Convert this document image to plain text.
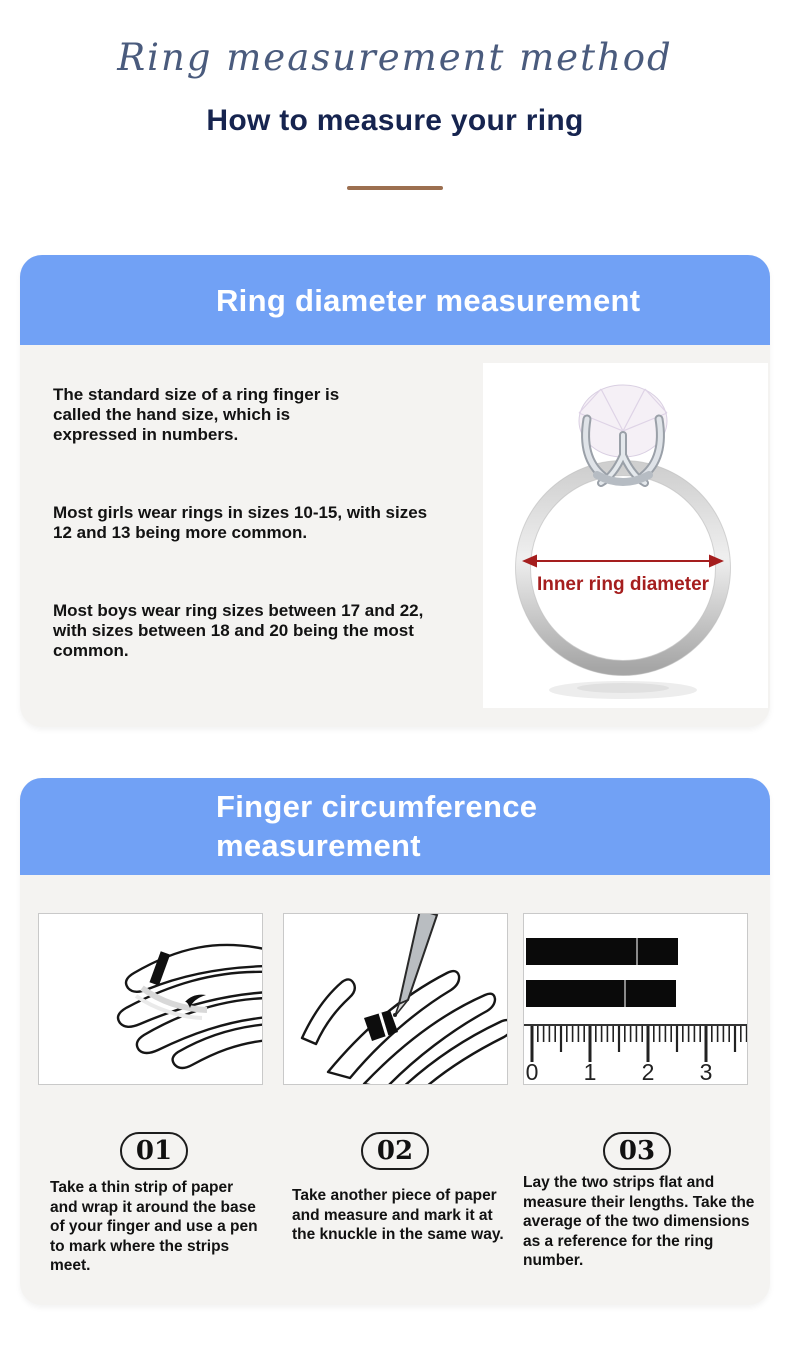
Ring measurement method
How to measure your ring
Ring diameter measurement

The standard size of a ring finger is called the hand size, which is expressed in numbers.

Most girls wear rings in sizes 10-15, with sizes 12 and 13 being more common.

Most boys wear ring sizes between 17 and 22, with sizes between 18 and 20 being the most common.

Inner ring diameter
Finger circumference
measurement
0 1 2 3
01	02	03

Take a thin strip of paper and wrap it around the base of your finger and use a pen to mark where the strips meet.

Take another piece of paper and measure and mark it at the knuckle in the same way.

Lay the two strips flat and measure their lengths. Take the average of the two dimensions as a reference for the ring number.
